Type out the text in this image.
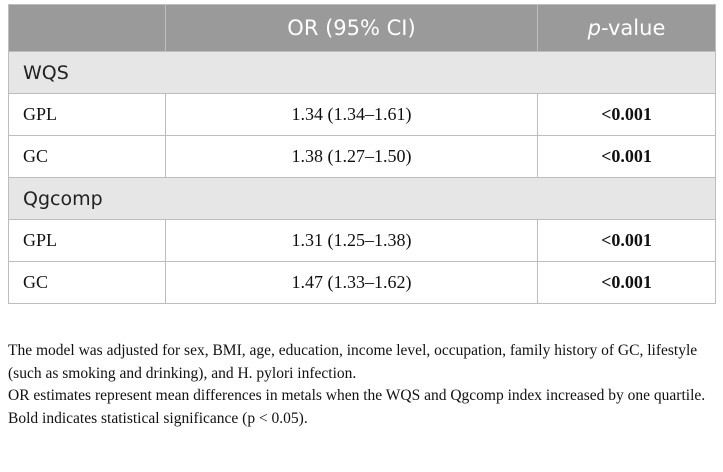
	OR (95% CI)	p-value
WQS		
GPL	1.34 (1.34–1.61)	<0.001
GC	1.38 (1.27–1.50)	<0.001
Qgcomp		
GPL	1.31 (1.25–1.38)	<0.001
GC	1.47 (1.33–1.62)	<0.001

The model was adjusted for sex, BMI, age, education, income level, occupation, family history of GC, lifestyle (such as smoking and drinking), and H. pylori infection.

OR estimates represent mean differences in metals when the WQS and Qgcomp index increased by one quartile.

Bold indicates statistical significance (p < 0.05).
